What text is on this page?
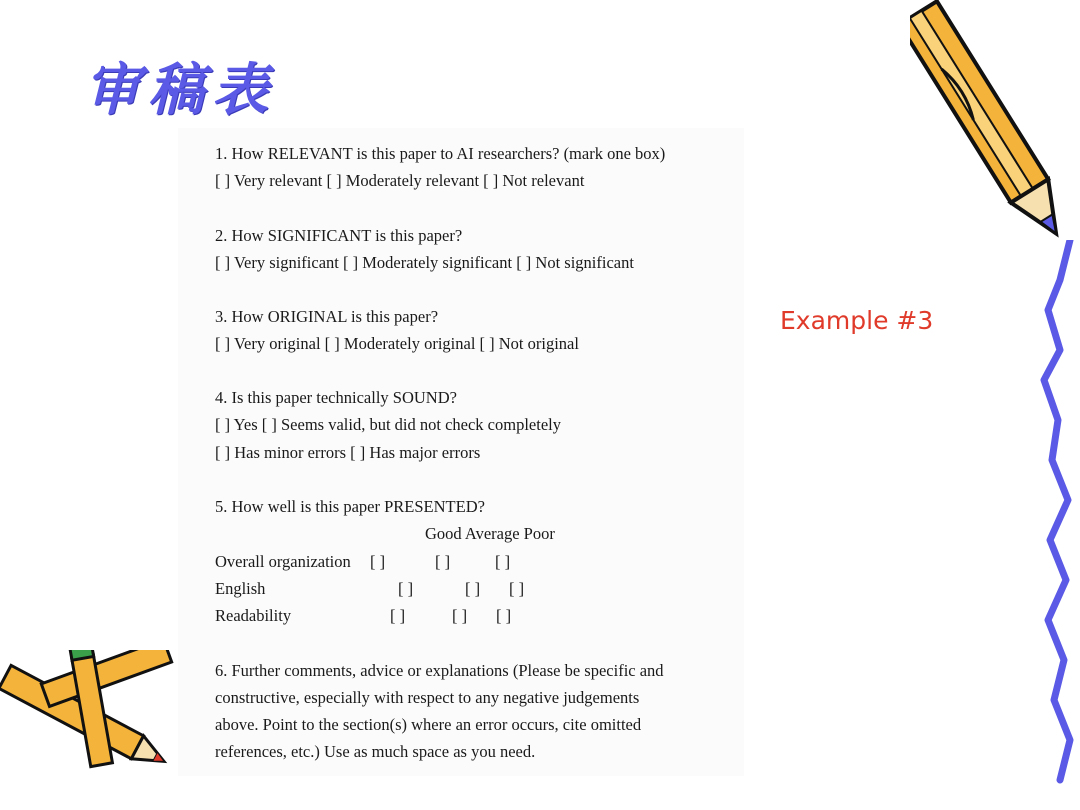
审稿表
Example #3
1. How RELEVANT is this paper to AI researchers? (mark one box)
[ ] Very relevant [ ] Moderately relevant [ ] Not relevant
2. How SIGNIFICANT is this paper?
[ ] Very significant [ ] Moderately significant [ ] Not significant
3. How ORIGINAL is this paper?
[ ] Very original [ ] Moderately original [ ] Not original
4. Is this paper technically SOUND?
[ ] Yes [ ] Seems valid, but did not check completely
[ ] Has minor errors [ ] Has major errors
5. How well is this paper PRESENTED?
Good Average Poor
Overall organization [ ]	[ ]	[ ]
English	[ ]	[ ] [ ]
Readability	[ ]	[ ] [ ]
6. Further comments, advice or explanations (Please be specific and
constructive, especially with respect to any negative judgements
above. Point to the section(s) where an error occurs, cite omitted
references, etc.) Use as much space as you need.
